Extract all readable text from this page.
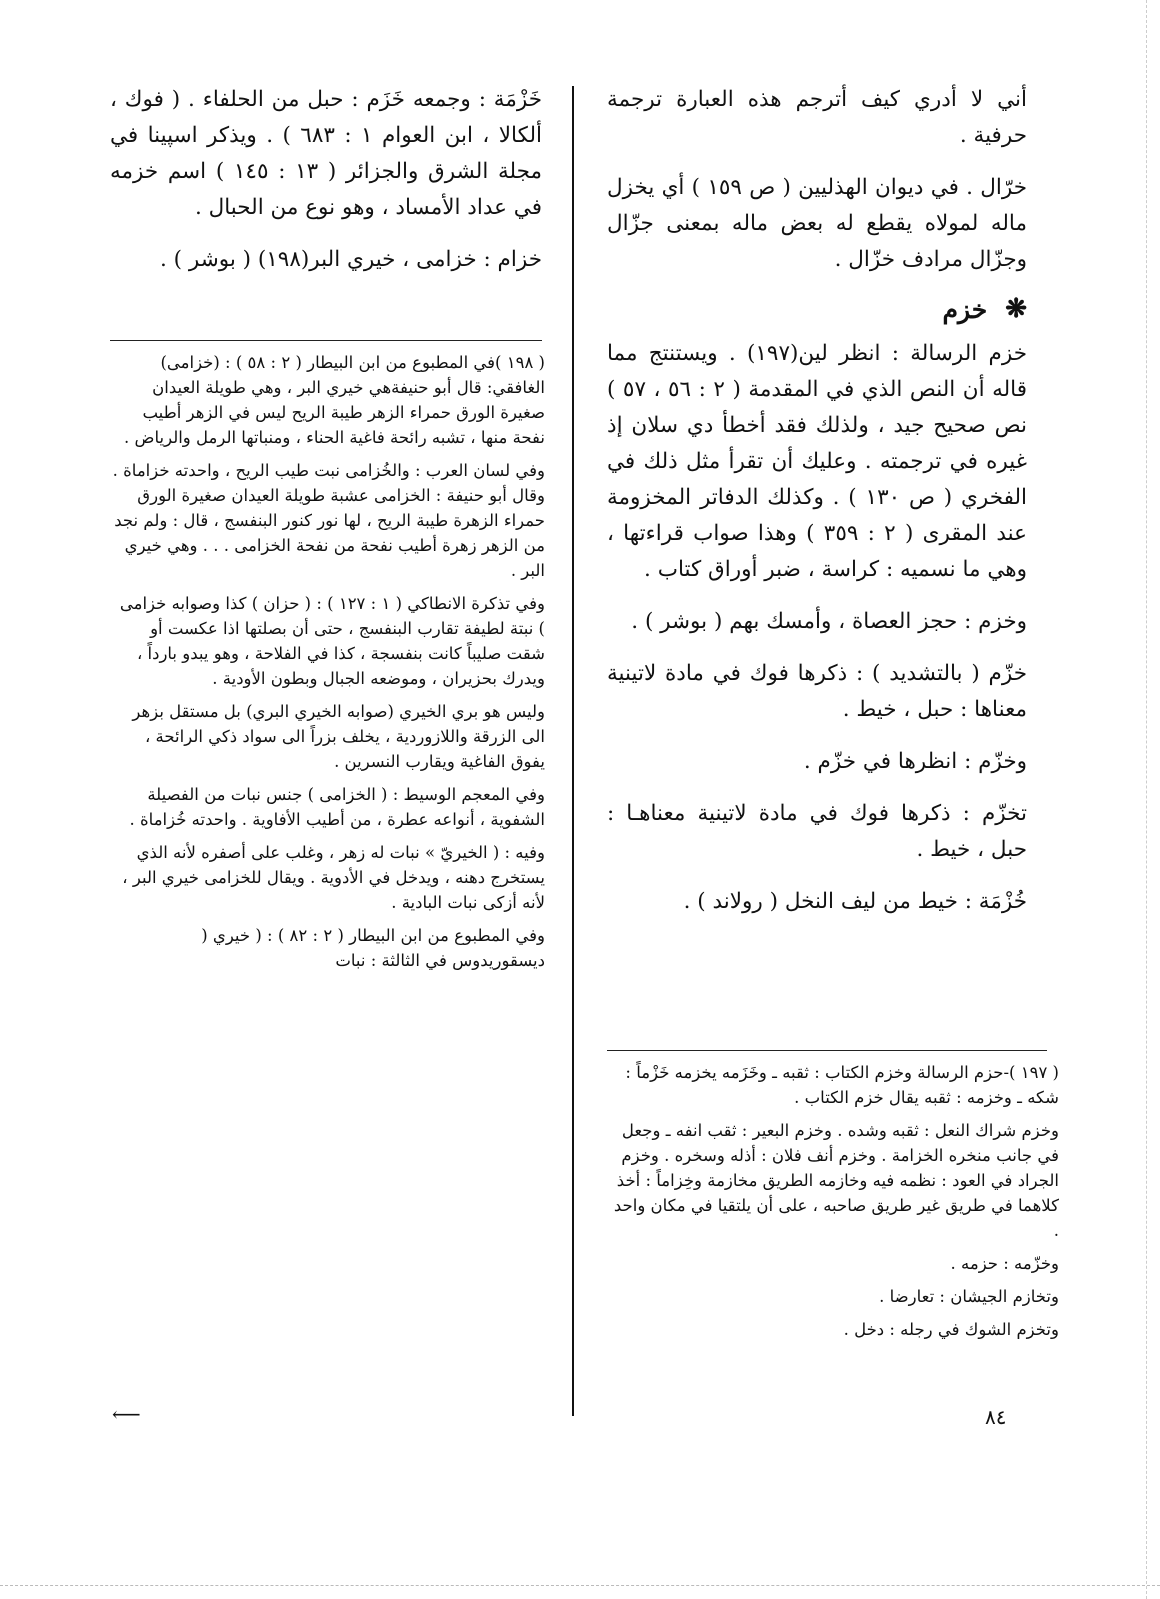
أني لا أدري كيف أترجم هذه العبارة ترجمة حرفية .

خرّال . في ديوان الهذليين ( ص ١٥٩ ) أي يخزل ماله لمولاه يقطع له بعض ماله بمعنى جزّال وجزّال مرادف خزّال .

❋
خزم

خزم الرسالة : انظر لين(١٩٧) . ويستنتج مما قاله أن النص الذي في المقدمة ( ٢ : ٥٦ ، ٥٧ ) نص صحيح جيد ، ولذلك فقد أخطأ دي سلان إذ غيره في ترجمته . وعليك أن تقرأ مثل ذلك في الفخري ( ص ١٣٠ ) . وكذلك الدفاتر المخزومة عند المقرى ( ٢ : ٣٥٩ ) وهذا صواب قراءتها ، وهي ما نسميه : كراسة ، ضبر أوراق كتاب .

وخزم : حجز العصاة ، وأمسك بهم ( بوشر ) .

خزّم ( بالتشديد ) : ذكرها فوك في مادة لاتينية معناها : حبل ، خيط .

وخزّم : انظرها في خزّم .

تخزّم : ذكرها فوك في مادة لاتينية معناهـا : حبل ، خيط .

خُزْمَة : خيط من ليف النخل ( رولاند ) .

خَزْمَة : وجمعه خَزَم : حبل من الحلفاء . ( فوك ، ألكالا ، ابن العوام ١ : ٦٨٣ ) . ويذكر اسپينا في مجلة الشرق والجزائر ( ١٣ : ١٤٥ ) اسم خزمه في عداد الأمساد ، وهو نوع من الحبال .

خزام : خزامى ، خيري البر(١٩٨) ( بوشر ) .

( ١٩٧ )-حزم الرسالة وخزم الكتاب : ثقبه ـ وخَزَمه يخزمه خَزْماً : شكه ـ وخزمه : ثقبه يقال خزم الكتاب .

وخزم شراك النعل : ثقبه وشده . وخزم البعير : ثقب انفه ـ وجعل في جانب منخره الخزامة . وخزم أنف فلان : أذله وسخره . وخزم الجراد في العود : نظمه فيه وخازمه الطريق مخازمة وخِزاماً : أخذ كلاهما في طريق غير طريق صاحبه ، على أن يلتقيا في مكان واحد .

وخزّمه : حزمه .

وتخازم الجيشان : تعارضا .

وتخزم الشوك في رجله : دخل .

( ١٩٨ )في المطبوع من ابن البيطار ( ٢ : ٥٨ ) : (خزامى) الغافقي: قال أبو حنيفةهي خيري البر ، وهي طويلة العيدان صغيرة الورق حمراء الزهر طيبة الريح ليس في الزهر أطيب نفحة منها ، تشبه رائحة فاغية الحناء ، ومنباتها الرمل والرياض .

وفي لسان العرب : والخُزامى نبت طيب الريح ، واحدته خزاماة . وقال أبو حنيفة : الخزامى عشبة طويلة العيدان صغيرة الورق حمراء الزهرة طيبة الريح ، لها نور كنور البنفسج ، قال : ولم نجد من الزهر زهرة أطيب نفحة من نفحة الخزامى . . . وهي خيري البر .

وفي تذكرة الانطاكي ( ١ : ١٢٧ ) : ( حزان ) كذا وصوابه خزامى ) نبتة لطيفة تقارب البنفسج ، حتى أن بصلتها اذا عكست أو شقت صليباً كانت بنفسجة ، كذا في الفلاحة ، وهو يبدو بارداً ، ويدرك بحزيران ، وموضعه الجبال وبطون الأودية .

وليس هو بري الخيري (صوابه الخيري البري) بل مستقل بزهر الى الزرقة واللازوردية ، يخلف بزراً الى سواد ذكي الرائحة ، يفوق الفاغية ويقارب النسرين .

وفي المعجم الوسيط : ( الخزامى ) جنس نبات من الفصيلة الشفوية ، أنواعه عطرة ، من أطيب الأفاوية . واحدته خُزاماة .

وفيه : ( الخيريّ » نبات له زهر ، وغلب على أصفره لأنه الذي يستخرج دهنه ، ويدخل في الأدوية . ويقال للخزامى خيري البر ، لأنه أزكى نبات البادية .

وفي المطبوع من ابن البيطار ( ٢ : ٨٢ ) : ( خيري ( ديسقوريدوس في الثالثة : نبات

⟵	٨٤
